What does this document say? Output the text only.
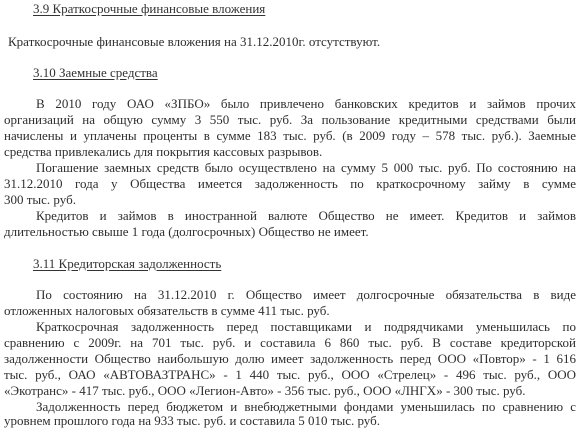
3.9 Краткосрочные финансовые вложения
Краткосрочные финансовые вложения на 31.12.2010г. отсутствуют.
3.10 Заемные средства
В 2010 году ОАО «ЗПБО» было привлечено банковских кредитов и займов прочих
организаций на общую сумму 3 550 тыс. руб. За пользование кредитными средствами были
начислены и уплачены проценты в сумме 183 тыс. руб. (в 2009 году – 578 тыс. руб.). Заемные
средства привлекались для покрытия кассовых разрывов.
Погашение заемных средств было осуществлено на сумму 5 000 тыс. руб. По состоянию на
31.12.2010 года у Общества имеется задолженность по краткосрочному займу в сумме
300 тыс. руб.
Кредитов и займов в иностранной валюте Общество не имеет. Кредитов и займов
длительностью свыше 1 года (долгосрочных) Общество не имеет.
3.11 Кредиторская задолженность
По состоянию на 31.12.2010 г. Общество имеет долгосрочные обязательства в виде
отложенных налоговых обязательств в сумме 411 тыс. руб.
Краткосрочная задолженность перед поставщиками и подрядчиками уменьшилась по
сравнению с 2009г. на 701 тыс. руб. и составила 6 860 тыс. руб. В составе кредиторской
задолженности Общество наибольшую долю имеет задолженность перед ООО «Повтор» - 1 616
тыс. руб., ОАО «АВТОВАЗТРАНС» - 1 440 тыс. руб., ООО «Стрелец» - 496 тыс. руб., ООО
«Экотранс» - 417 тыс. руб., ООО «Легион-Авто» - 356 тыс. руб., ООО «ЛНГХ» - 300 тыс. руб.
Задолженность перед бюджетом и внебюджетными фондами уменьшилась по сравнению с
уровнем прошлого года на 933 тыс. руб. и составила 5 010 тыс. руб.
